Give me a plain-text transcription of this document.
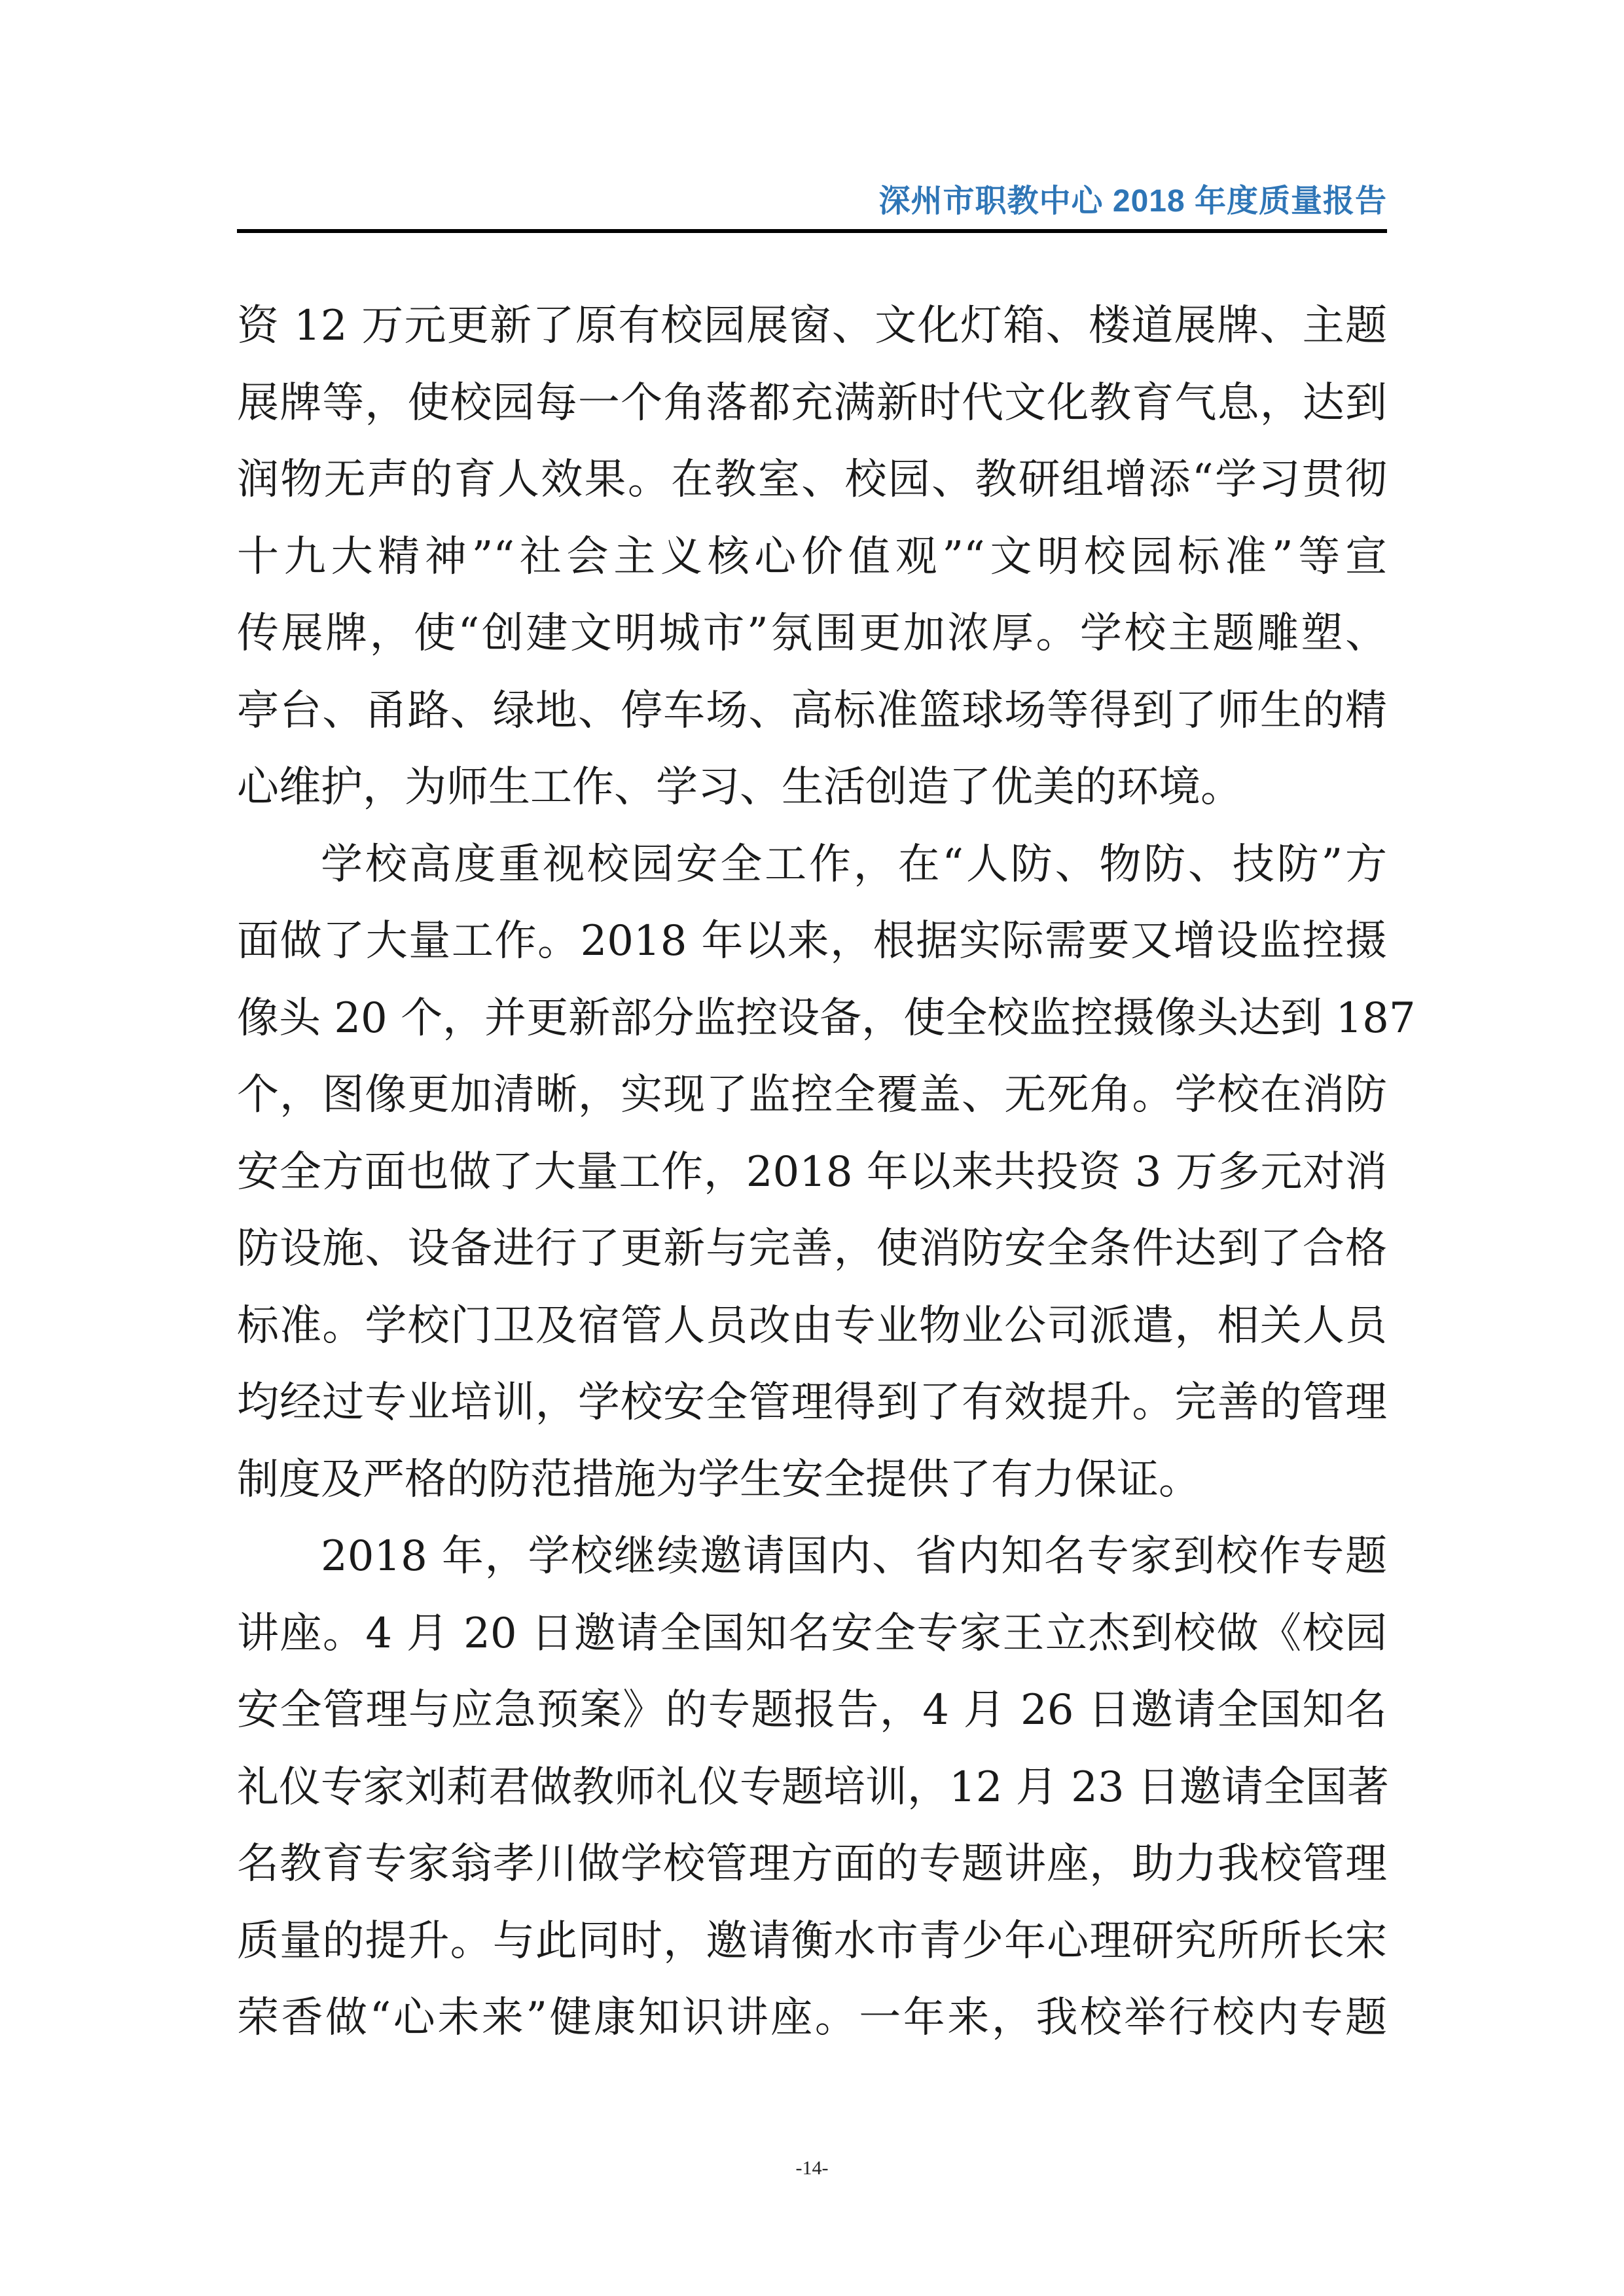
深州市职教中心 2018 年度质量报告
资 12 万元更新了原有校园展窗、文化灯箱、楼道展牌、主题
展牌等，使校园每一个角落都充满新时代文化教育气息，达到
润物无声的育人效果。在教室、校园、教研组增添“学习贯彻
十九大精神”“社会主义核心价值观”“文明校园标准”等宣
传展牌，使“创建文明城市”氛围更加浓厚。学校主题雕塑、
亭台、甬路、绿地、停车场、高标准篮球场等得到了师生的精
心维护，为师生工作、学习、生活创造了优美的环境。
学校高度重视校园安全工作，在“人防、物防、技防”方
面做了大量工作。2018 年以来，根据实际需要又增设监控摄
像头 20 个，并更新部分监控设备，使全校监控摄像头达到 187
个，图像更加清晰，实现了监控全覆盖、无死角。学校在消防
安全方面也做了大量工作，2018 年以来共投资 3 万多元对消
防设施、设备进行了更新与完善，使消防安全条件达到了合格
标准。学校门卫及宿管人员改由专业物业公司派遣，相关人员
均经过专业培训，学校安全管理得到了有效提升。完善的管理
制度及严格的防范措施为学生安全提供了有力保证。
2018 年，学校继续邀请国内、省内知名专家到校作专题
讲座。4 月 20 日邀请全国知名安全专家王立杰到校做《校园
安全管理与应急预案》的专题报告，4 月 26 日邀请全国知名
礼仪专家刘莉君做教师礼仪专题培训，12 月 23 日邀请全国著
名教育专家翁孝川做学校管理方面的专题讲座，助力我校管理
质量的提升。与此同时，邀请衡水市青少年心理研究所所长宋
荣香做“心未来”健康知识讲座。一年来，我校举行校内专题
-14-
